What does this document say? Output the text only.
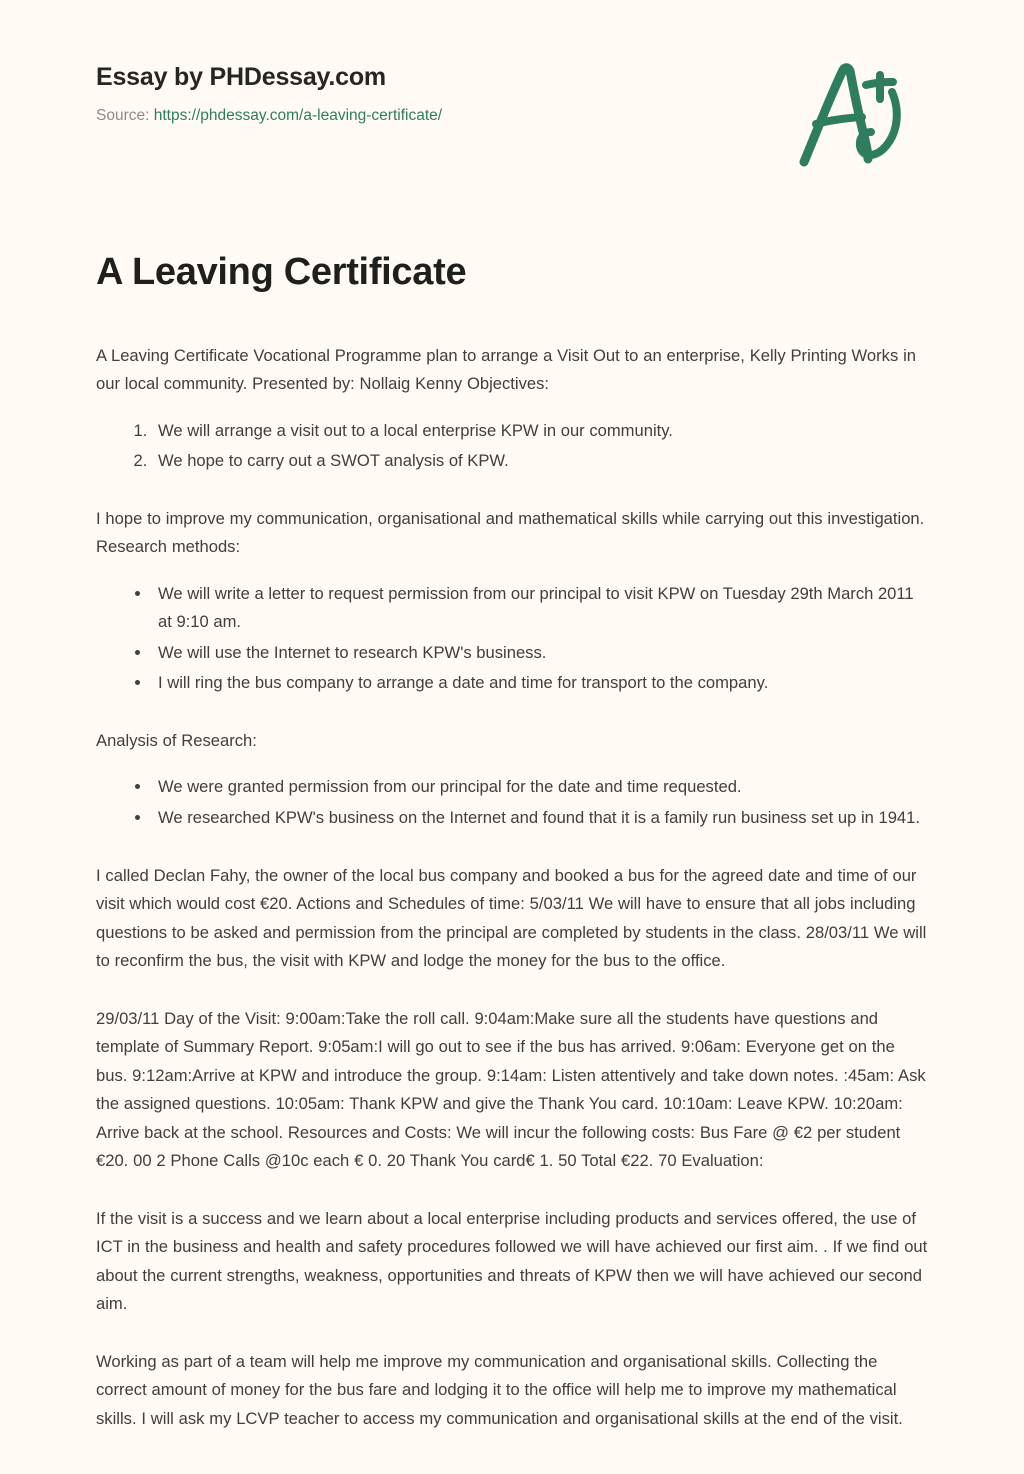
Essay by PHDessay.com
Source: https://phdessay.com/a-leaving-certificate/
A Leaving Certificate

A Leaving Certificate Vocational Programme plan to arrange a Visit Out to an enterprise, Kelly Printing Works in our local community. Presented by: Nollaig Kenny Objectives:

1. We will arrange a visit out to a local enterprise KPW in our community.
2. We hope to carry out a SWOT analysis of KPW.

I hope to improve my communication, organisational and mathematical skills while carrying out this investigation. Research methods:

• We will write a letter to request permission from our principal to visit KPW on Tuesday 29th March 2011 at 9:10 am.
• We will use the Internet to research KPW's business.
• I will ring the bus company to arrange a date and time for transport to the company.

Analysis of Research:

• We were granted permission from our principal for the date and time requested.
• We researched KPW's business on the Internet and found that it is a family run business set up in 1941.

I called Declan Fahy, the owner of the local bus company and booked a bus for the agreed date and time of our visit which would cost €20. Actions and Schedules of time: 5/03/11 We will have to ensure that all jobs including questions to be asked and permission from the principal are completed by students in the class. 28/03/11 We will to reconfirm the bus, the visit with KPW and lodge the money for the bus to the office.

29/03/11 Day of the Visit: 9:00am:Take the roll call. 9:04am:Make sure all the students have questions and template of Summary Report. 9:05am:I will go out to see if the bus has arrived. 9:06am: Everyone get on the bus. 9:12am:Arrive at KPW and introduce the group. 9:14am: Listen attentively and take down notes. :45am: Ask the assigned questions. 10:05am: Thank KPW and give the Thank You card. 10:10am: Leave KPW. 10:20am: Arrive back at the school. Resources and Costs: We will incur the following costs: Bus Fare @ €2 per student €20. 00 2 Phone Calls @10c each € 0. 20 Thank You card€ 1. 50 Total €22. 70 Evaluation:

If the visit is a success and we learn about a local enterprise including products and services offered, the use of ICT in the business and health and safety procedures followed we will have achieved our first aim. . If we find out about the current strengths, weakness, opportunities and threats of KPW then we will have achieved our second aim.

Working as part of a team will help me improve my communication and organisational skills. Collecting the correct amount of money for the bus fare and lodging it to the office will help me to improve my mathematical skills. I will ask my LCVP teacher to access my communication and organisational skills at the end of the visit.
